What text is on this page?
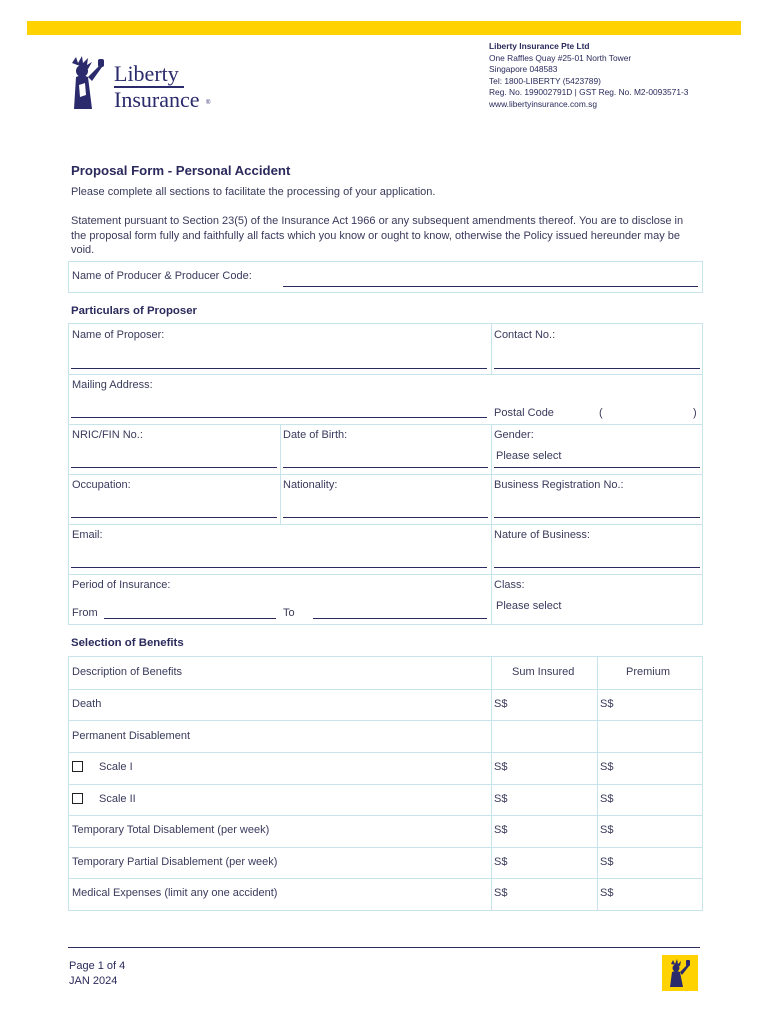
Liberty
Insurance ®
Liberty Insurance Pte Ltd
One Raffles Quay #25-01 North Tower
Singapore 048583
Tel: 1800-LIBERTY (5423789)
Reg. No. 199002791D | GST Reg. No. M2-0093571-3
www.libertyinsurance.com.sg
Proposal Form - Personal Accident
Please complete all sections to facilitate the processing of your application.
Statement pursuant to Section 23(5) of the Insurance Act 1966 or any subsequent amendments thereof. You are to disclose in the proposal form fully and faithfully all facts which you know or ought to know, otherwise the Policy issued hereunder may be void.
Name of Producer & Producer Code:
Particulars of Proposer
Name of Proposer:	Contact No.:
Mailing Address:
Postal Code	(	)
NRIC/FIN No.:	Date of Birth:	Gender:
Please select
Occupation:	Nationality:	Business Registration No.:
Email:	Nature of Business:
Period of Insurance:
From	To
Class:
Please select
Selection of Benefits
Description of Benefits	Sum Insured	Premium
Death	S$	S$
Permanent Disablement
Scale I	S$	S$
Scale II	S$	S$
Temporary Total Disablement (per week)	S$	S$
Temporary Partial Disablement (per week)	S$	S$
Medical Expenses (limit any one accident)	S$	S$
Page 1 of 4
JAN 2024
